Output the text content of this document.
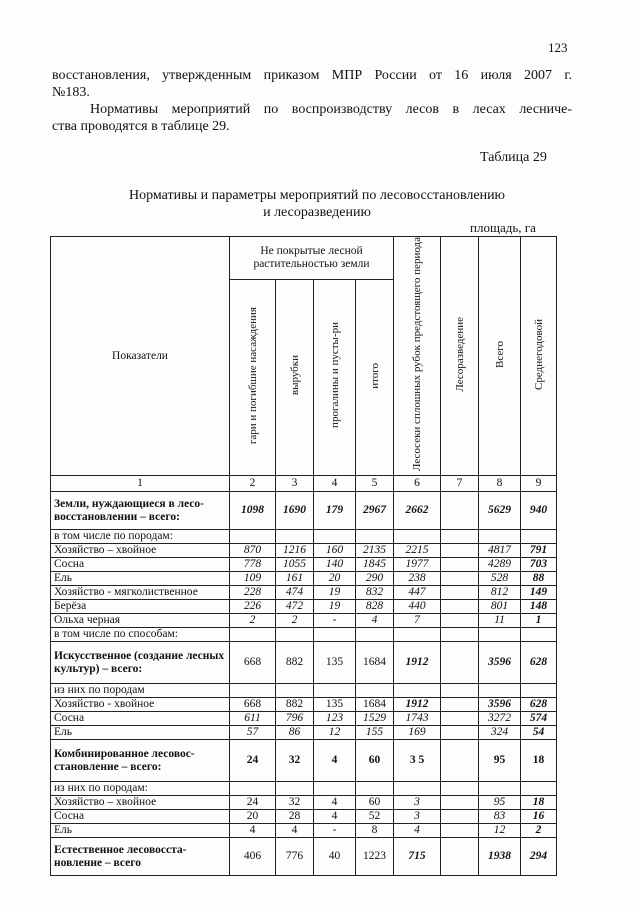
123
восстановления, утвержденным приказом МПР России от 16 июля 2007 г.
№183.
Нормативы мероприятий по воспроизводству лесов в лесах лесниче-
ства проводятся в таблице 29.
Таблица 29
Нормативы и параметры мероприятий по лесовосстановлению
и лесоразведению
площадь, га
Показатели	Не покрытые лесной растительностью земли				Лесосеки сплошных рубок предстоящего периода	Лесоразведение	Всего	Среднегодовой
	гари и погибшие насаждения	вырубки	прогалины и пусты-ри	итого				
1	2	3	4	5	6	7	8	9
Земли, нуждающиеся в лесо-восстановлении – всего:	1098	1690	179	2967	2662		5629	940
в том числе по породам:								
Хозяйство – хвойное	870	1216	160	2135	2215		4817	791
Сосна	778	1055	140	1845	1977		4289	703
Ель	109	161	20	290	238		528	88
Хозяйство - мягколиственное	228	474	19	832	447		812	149
Берёза	226	472	19	828	440		801	148
Ольха черная	2	2	-	4	7		11	1
в том числе по способам:								
Искусственное (создание лесных культур) – всего:	668	882	135	1684	1912		3596	628
из них по породам								
Хозяйство - хвойное	668	882	135	1684	1912		3596	628
Сосна	611	796	123	1529	1743		3272	574
Ель	57	86	12	155	169		324	54
Комбинированное лесовос-становление – всего:	24	32	4	60	3 5		95	18
из них по породам:								
Хозяйство – хвойное	24	32	4	60	3		95	18
Сосна	20	28	4	52	3		83	16
Ель	4	4	-	8	4		12	2
Естественное лесовосста-новление – всего	406	776	40	1223	715		1938	294
